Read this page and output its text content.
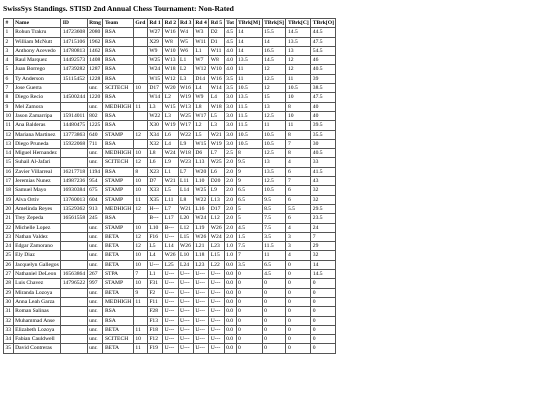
SwissSys Standings. STISD 2nd Annual Chess Tournament: Non-Rated
#	Name	ID	Rtng	Team	Grd	Rd 1	Rd 2	Rd 3	Rd 4	Rd 5	Tot	TBrk[M]	TBrk[S]	TBrk[C]	TBrk[O]
1	Rohun Trakru	14723608	2080	RSA		W27	W16	W4	W3	D2	4.5	14	15.5	14.5	44.5
2	William McNutt	14715106	1962	RSA		X29	W8	W5	W11	D1	4.5	14	14	13.5	47.5
3	Anthony Acevedo	14780813	1462	RSA		W9	W10	W6	L1	W11	4.0	14	16.5	13	54.5
4	Raul Marquez	14492573	1408	RSA		W25	W13	L1	W7	W8	4.0	13.5	14.5	12	46
5	Juan Borrego	14739282	1287	RSA		W24	W18	L2	W12	W10	4.0	11	12	12	40.5
6	Ty Anderson	15115452	1228	RSA		W15	W12	L3	D14	W16	3.5	11	12.5	11	39
7	Jose Guerra		unr.	SCITECH	10	D17	W20	W16	L4	W14	3.5	10.5	12	10.5	38.5
8	Diego Recio	14500244	1220	RSA		W14	L2	W19	W9	L4	3.0	13.5	15	10	47.5
9	Mel Zamora		unr.	MEDHIGH	11	L3	W15	W13	L8	W18	3.0	11.5	13	8	40
10	Jason Zamarripa	15914011	802	RSA		W22	L3	W25	W17	L5	3.0	11.5	12.5	10	40
11	Ana Balderas	14480475	1225	RSA		X30	W19	W17	L2	L3	3.0	11.5	11	11	39.5
12	Mariana Martinez	13773863	640	STAMP	12	X34	L6	W22	L5	W21	3.0	10.5	10.5	8	35.5
13	Diego Pruneda	15922068	711	RSA		X32	L4	L9	W15	W19	3.0	10.5	10.5	7	30
14	Miguel Hernandez		unr.	MEDHIGH	10	L8	W24	W18	D6	L7	2.5	8	12.5	8	40.5
15	Suhail Al-Jafari		unr.	SCITECH	12	L6	L9	W23	L13	W25	2.0	9.5	13	4	33
16	Zavier Villarreal	16217718	1194	RSA	8	X23	L1	L7	W20	L6	2.0	9	13.5	6	41.5
17	Jeremias Nunez	14987236	954	STAMP	10	D7	W21	L11	L10	D20	2.0	9	12.5	7	43
18	Samuel Mayo	16930384	675	STAMP	10	X33	L5	L14	W25	L9	2.0	6.5	10.5	6	32
19	Alva Ortiv	13760013	604	STAMP	11	X35	L11	L8	W22	L13	2.0	6.5	9.5	6	32
20	Amelinda Reyes	13529362	913	MEDHIGH	12	H---	L7	W21	L16	D17	2.0	5	8.5	5.5	29.5
21	Trey Zepeda	16561558	245	RSA		B---	L17	L20	W24	L12	2.0	5	7.5	6	23.5
22	Michelle Lopez		unr.	STAMP	10	L10	B---	L12	L19	W26	2.0	4.5	7.5	4	24
23	Nathan Valdez		unr.	BETA	12	F16	U---	L15	W26	W24	2.0	1.5	3.5	3	7
24	Edgar Zamorano		unr.	BETA	12	L5	L14	W26	L21	L23	1.0	7.5	11.5	3	29
25	Ely Diaz		unr.	BETA	10	L4	W26	L10	L18	L15	1.0	7	11	4	32
26	Jacquelyn Gallegos		unr.	BETA	10	U---	L25	L24	L23	L22	0.0	3.5	6.5	0	14
27	Nathaniel DeLeon	16563864	267	STPA	7	L1	U---	U---	U---	U---	0.0	0	4.5	0	14.5
28	Luis Chavez	14796522	997	STAMP	10	F31	U---	U---	U---	U---	0.0	0	0	0	0
29	Miranda Lozoya		unr.	BETA	9	F2	U---	U---	U---	U---	0.0	0	0	0	0
30	Anna Leah Garza		unr.	MEDHIGH	11	F11	U---	U---	U---	U---	0.0	0	0	0	0
31	Roman Salinas		unr.	RSA		F28	U---	U---	U---	U---	0.0	0	0	0	0
32	Muhammad Anse		unr.	RSA		F13	U---	U---	U---	U---	0.0	0	0	0	0
33	Elizabeth Lozoya		unr.	BETA	11	F18	U---	U---	U---	U---	0.0	0	0	0	0
34	Fabian Cauldwell		unr.	SCITECH	10	F12	U---	U---	U---	U---	0.0	0	0	0	0
35	David Contreras		unr.	BETA	11	F19	U---	U---	U---	U---	0.0	0	0	0	0
